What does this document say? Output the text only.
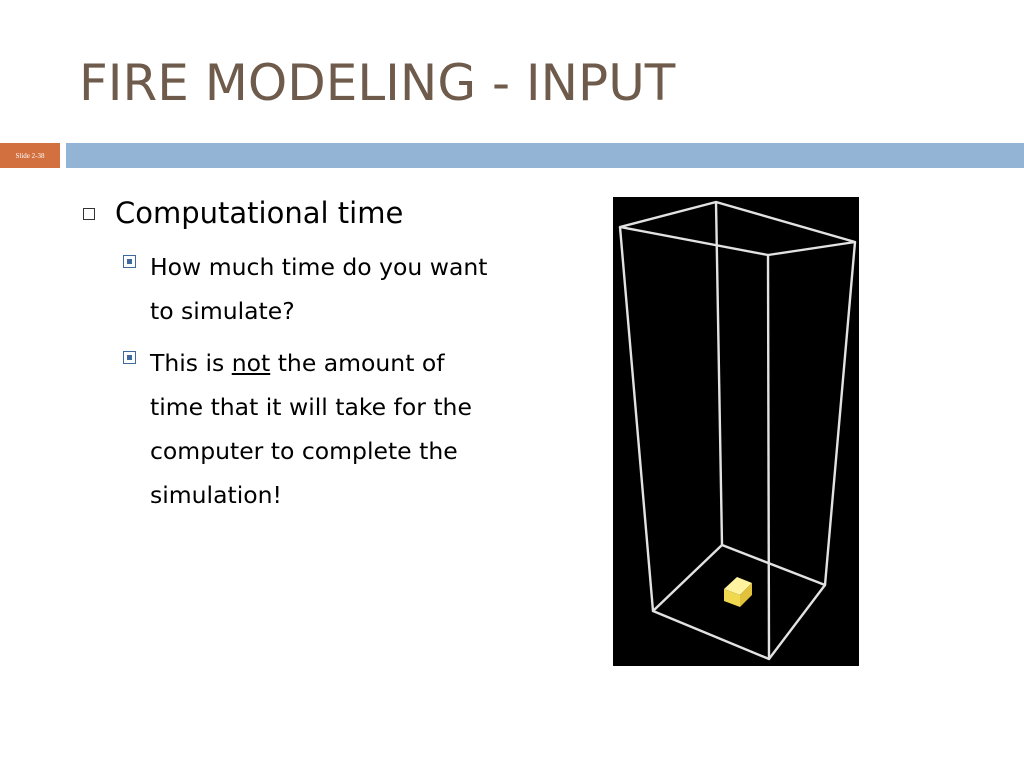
FIRE MODELING - INPUT
Slide 2-38
Computational time
How much time do you want to simulate?
This is not the amount of time that it will take for the computer to complete the simulation!
